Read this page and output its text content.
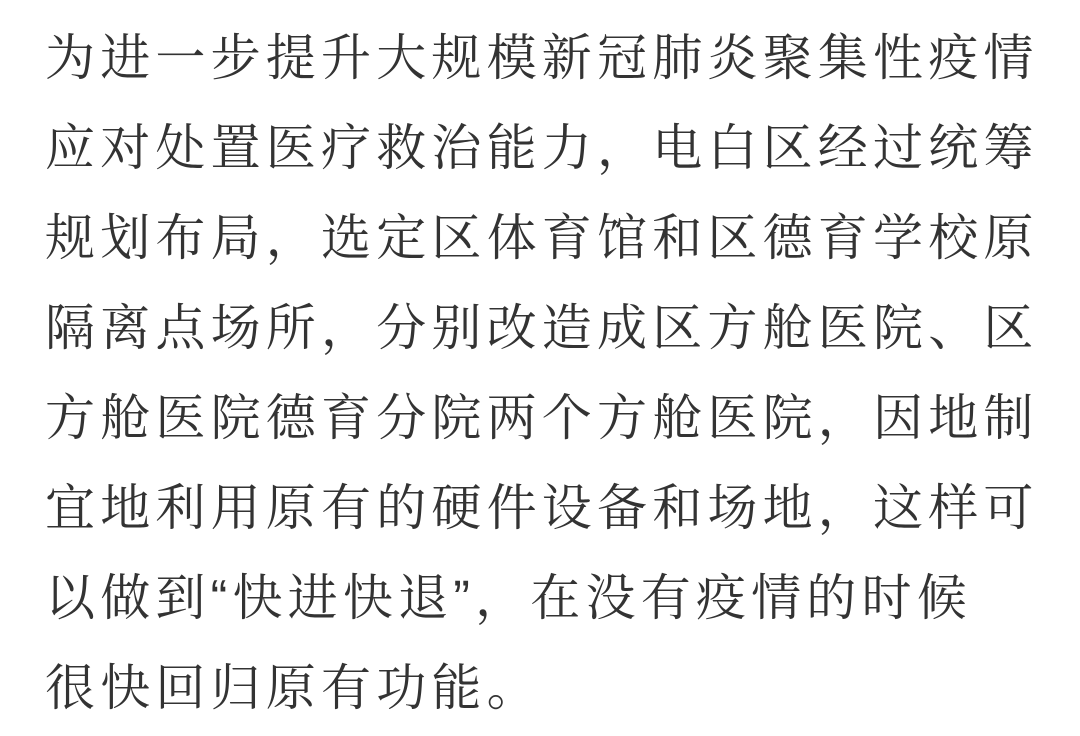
为进一步提升大规模新冠肺炎聚集性疫情
应对处置医疗救治能力，电白区经过统筹
规划布局，选定区体育馆和区德育学校原
隔离点场所，分别改造成区方舱医院、区
方舱医院德育分院两个方舱医院，因地制
宜地利用原有的硬件设备和场地，这样可
以做到“快进快退”，在没有疫情的时候
很快回归原有功能。
